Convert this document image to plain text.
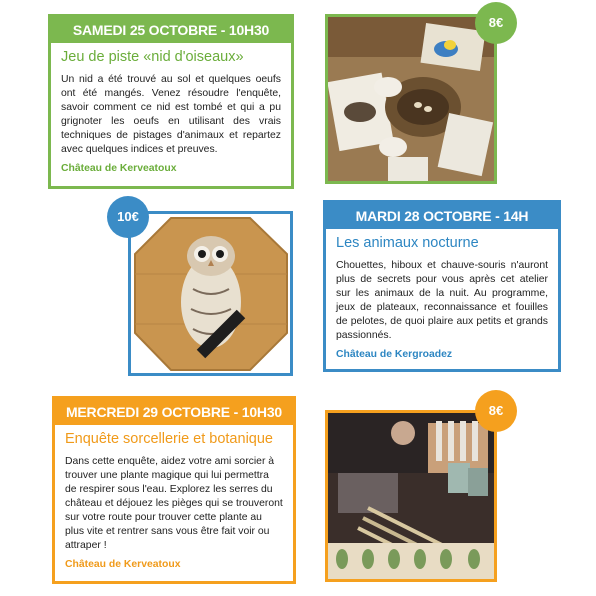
SAMEDI 25 OCTOBRE - 10H30
Jeu de piste «nid d'oiseaux»

Un nid a été trouvé au sol et quelques oeufs ont été mangés. Venez résoudre l'enquête, savoir comment ce nid est tombé et qui a pu grignoter les oeufs en utilisant des vrais techniques de pistages d'animaux et repartez avec quelques indices et preuves.

Château de Kerveatoux
8€
10€	MARDI 28 OCTOBRE - 14H
Les animaux nocturne

Chouettes, hiboux et chauve-souris n'auront plus de secrets pour vous après cet atelier sur les animaux de la nuit. Au programme, jeux de plateaux, reconnaissance et fouilles de pelotes, de quoi plaire aux petits et grands passionnés.

Château de Kergroadez
MERCREDI 29 OCTOBRE - 10H30
Enquête sorcellerie et botanique

Dans cette enquête, aidez votre ami sorcier à trouver une plante magique qui lui permettra de respirer sous l'eau. Explorez les serres du château et déjouez les pièges qui se trouveront sur votre route pour trouver cette plante au plus vite et rentrer sans vous être fait voir ou attraper !

Château de Kerveatoux
8€
